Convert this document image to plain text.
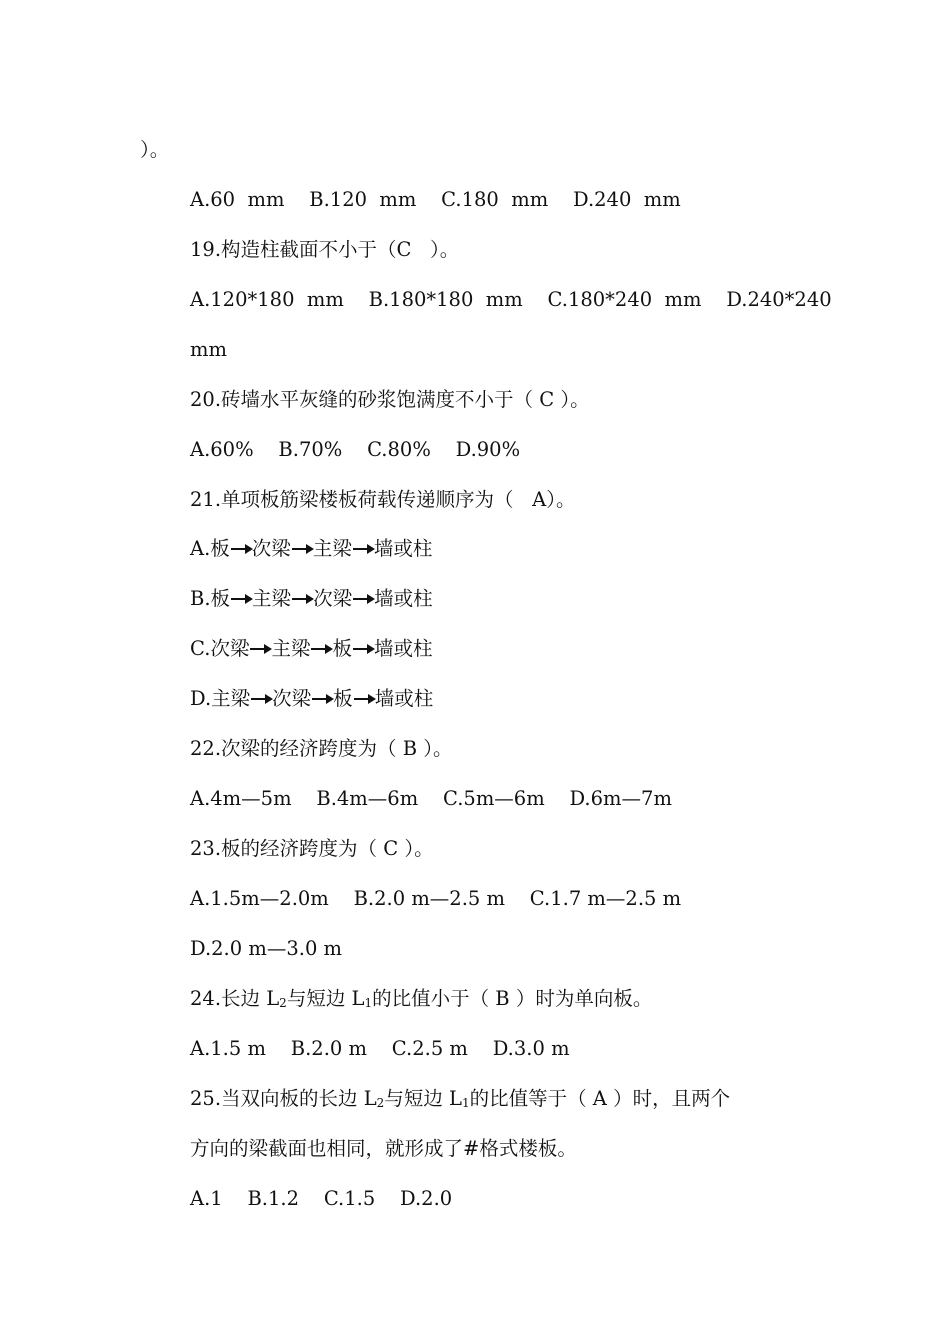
）。
A.60  mm    B.120  mm    C.180  mm    D.240  mm
19.构造柱截面不小于（C   ）。
A.120*180  mm    B.180*180  mm    C.180*240  mm    D.240*240
mm
20.砖墙水平灰缝的砂浆饱满度不小于（ C ）。
A.60%    B.70%    C.80%    D.90%
21.单项板筋梁楼板荷载传递顺序为（   A）。
A. 板 次梁 主梁 墙或柱
B. 板 主梁 次梁 墙或柱
C. 次梁 主梁 板 墙或柱
D. 主梁 次梁 板 墙或柱
22.次梁的经济跨度为（ B ）。
A.4m—5m    B.4m—6m    C.5m—6m    D.6m—7m
23.板的经济跨度为（ C ）。
A.1.5m—2.0m    B.2.0 m—2.5 m    C.1.7 m—2.5 m
D.2.0 m—3.0 m
24.长边 $L_2$与短边 $L_1$的比值小于（ B ）时为单向板。
A.1.5 m    B.2.0 m    C.2.5 m    D.3.0 m
25.当双向板的长边 $L_2$与短边 $L_1$的比值等于（ A ）时，且两个
方向的梁截面也相同，就形成了#格式楼板。
A.1    B.1.2    C.1.5    D.2.0
